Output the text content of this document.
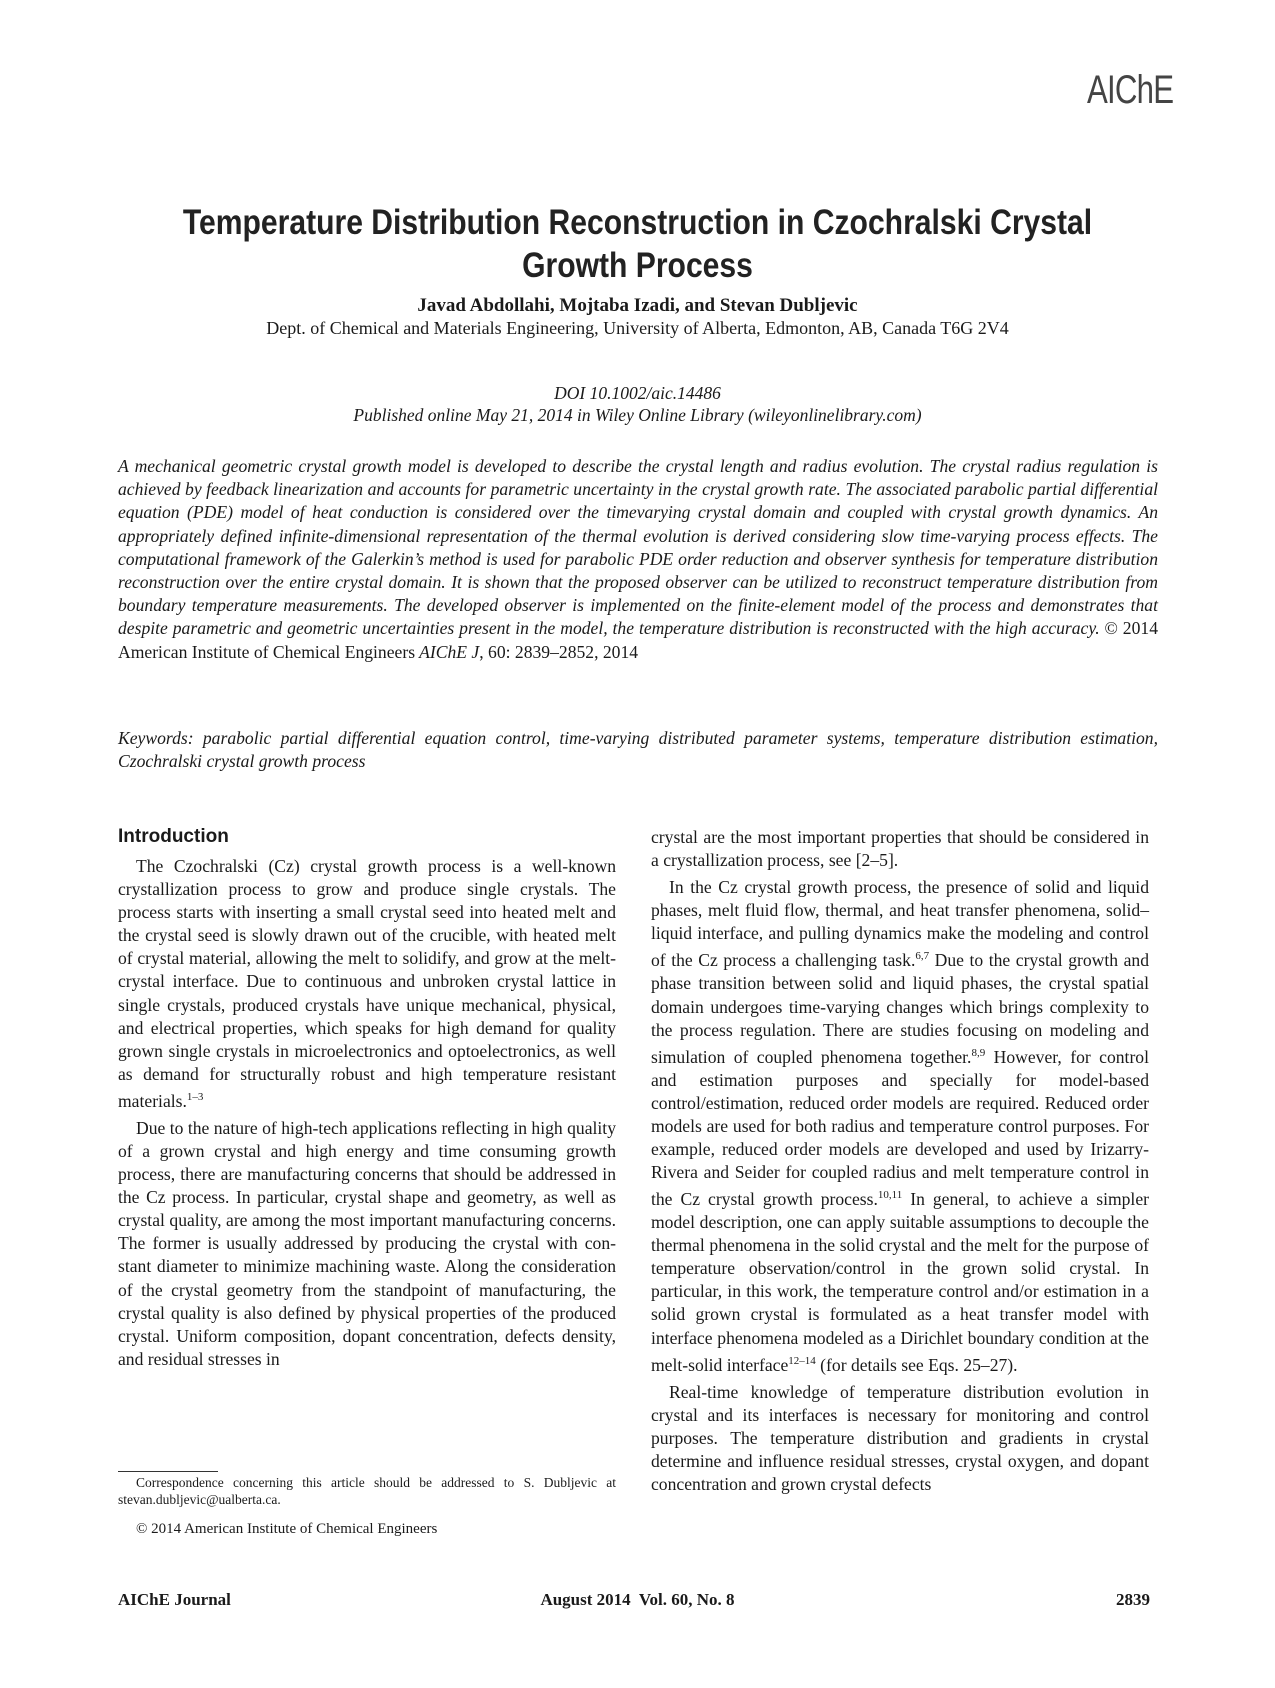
AIChE
Temperature Distribution Reconstruction in Czochralski Crystal Growth Process
Javad Abdollahi, Mojtaba Izadi, and Stevan Dubljevic
Dept. of Chemical and Materials Engineering, University of Alberta, Edmonton, AB, Canada T6G 2V4
DOI 10.1002/aic.14486
Published online May 21, 2014 in Wiley Online Library (wileyonlinelibrary.com)
A mechanical geometric crystal growth model is developed to describe the crystal length and radius evolution. The crystal radius regulation is achieved by feedback linearization and accounts for parametric uncertainty in the crystal growth rate. The associated parabolic partial differential equation (PDE) model of heat conduction is considered over the timevarying crystal domain and coupled with crystal growth dynamics. An appropriately defined infinite-dimensional representation of the thermal evolution is derived considering slow time-varying process effects. The computational framework of the Galerkin’s method is used for parabolic PDE order reduction and observer synthesis for temperature distribution reconstruction over the entire crystal domain. It is shown that the proposed observer can be utilized to reconstruct temperature distribution from boundary temperature measurements. The developed observer is implemented on the finite-element model of the process and demonstrates that despite parametric and geometric uncertainties present in the model, the temperature distribution is reconstructed with the high accuracy. © 2014 American Institute of Chemical Engineers AIChE J, 60: 2839–2852, 2014
Keywords: parabolic partial differential equation control, time-varying distributed parameter systems, temperature distribution estimation, Czochralski crystal growth process
Introduction

The Czochralski (Cz) crystal growth process is a well-known crystallization process to grow and produce single crystals. The process starts with inserting a small crystal seed into heated melt and the crystal seed is slowly drawn out of the crucible, with heated melt of crystal material, allowing the melt to solidify, and grow at the melt-crystal interface. Due to continuous and unbroken crystal lattice in single crystals, produced crystals have unique mechanical, physical, and electrical properties, which speaks for high demand for quality grown single crystals in microelectronics and optoelectronics, as well as demand for structurally robust and high temperature resistant materials.$^{1-3}$

Due to the nature of high-tech applications reflecting in high quality of a grown crystal and high energy and time consuming growth process, there are manufacturing concerns that should be addressed in the Cz process. In particular, crystal shape and geometry, as well as crystal quality, are among the most important manufacturing concerns. The former is usually addressed by producing the crystal with constant diameter to minimize machining waste. Along the consideration of the crystal geometry from the standpoint of manufacturing, the crystal quality is also defined by physical properties of the produced crystal. Uniform composition, dopant concentration, defects density, and residual stresses in

crystal are the most important properties that should be considered in a crystallization process, see [2–5].

In the Cz crystal growth process, the presence of solid and liquid phases, melt fluid flow, thermal, and heat transfer phenomena, solid–liquid interface, and pulling dynamics make the modeling and control of the Cz process a challenging task.$^{6,7}$ Due to the crystal growth and phase transition between solid and liquid phases, the crystal spatial domain undergoes time-varying changes which brings complexity to the process regulation. There are studies focusing on modeling and simulation of coupled phenomena together.$^{8,9}$ However, for control and estimation purposes and specially for model-based control/estimation, reduced order models are required. Reduced order models are used for both radius and temperature control purposes. For example, reduced order models are developed and used by Irizarry-Rivera and Seider for coupled radius and melt temperature control in the Cz crystal growth process.$^{10,11}$ In general, to achieve a simpler model description, one can apply suitable assumptions to decouple the thermal phenomena in the solid crystal and the melt for the purpose of temperature observation/control in the grown solid crystal. In particular, in this work, the temperature control and/or estimation in a solid grown crystal is formulated as a heat transfer model with interface phenomena modeled as a Dirichlet boundary condition at the melt-solid interface$^{12-14}$ (for details see Eqs. 25–27).

Real-time knowledge of temperature distribution evolution in crystal and its interfaces is necessary for monitoring and control purposes. The temperature distribution and gradients in crystal determine and influence residual stresses, crystal oxygen, and dopant concentration and grown crystal defects

Correspondence concerning this article should be addressed to S. Dubljevic at stevan.dubljevic@ualberta.ca.
© 2014 American Institute of Chemical Engineers
AIChE Journal	August 2014  Vol. 60, No. 8	2839
